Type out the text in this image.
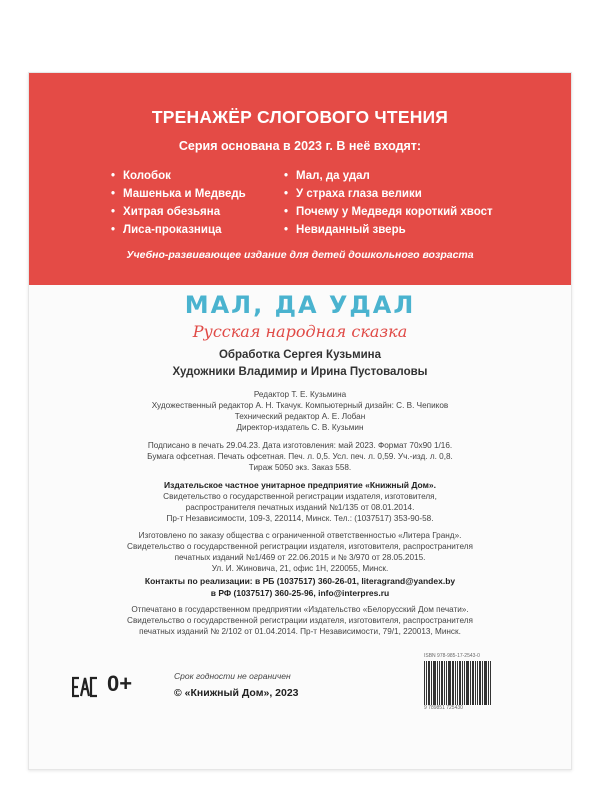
ТРЕНАЖЁР СЛОГОВОГО ЧТЕНИЯ
Серия основана в 2023 г. В неё входят:
• Колобок
• Машенька и Медведь
• Хитрая обезьяна
• Лиса-проказница
• Мал, да удал
• У страха глаза велики
• Почему у Медведя короткий хвост
• Невиданный зверь
Учебно-развивающее издание для детей дошкольного возраста
МАЛ, ДА УДАЛ
Русская народная сказка
Обработка Сергея Кузьмина
Художники Владимир и Ирина Пустоваловы
Редактор Т. Е. Кузьмина
Художественный редактор А. Н. Ткачук. Компьютерный дизайн: С. В. Чепиков
Технический редактор А. Е. Лобан
Директор-издатель С. В. Кузьмин
Подписано в печать 29.04.23. Дата изготовления: май 2023. Формат 70х90 1/16.
Бумага офсетная. Печать офсетная. Печ. л. 0,5. Усл. печ. л. 0,59. Уч.-изд. л. 0,8.
Тираж 5050 экз. Заказ 558.
Издательское частное унитарное предприятие «Книжный Дом».
Свидетельство о государственной регистрации издателя, изготовителя,
распространителя печатных изданий №1/135 от 08.01.2014.
Пр-т Независимости, 109-3, 220114, Минск. Тел.: (1037517) 353-90-58.
Изготовлено по заказу общества с ограниченной ответственностью «Литера Гранд».
Свидетельство о государственной регистрации издателя, изготовителя, распространителя
печатных изданий №1/469 от 22.06.2015 и № 3/970 от 28.05.2015.
Ул. И. Жиновича, 21, офис 1Н, 220055, Минск.
Контакты по реализации: в РБ (1037517) 360-26-01, literagrand@yandex.by
в РФ (1037517) 360-25-96, info@interpres.ru
Отпечатано в государственном предприятии «Издательство «Белорусский Дом печати».
Свидетельство о государственной регистрации издателя, изготовителя, распространителя
печатных изданий № 2/102 от 01.04.2014. Пр-т Независимости, 79/1, 220013, Минск.
0+	Срок годности не ограничен
© «Книжный Дом», 2023
ISBN 978-985-17-2543-0
9 789851 725430
